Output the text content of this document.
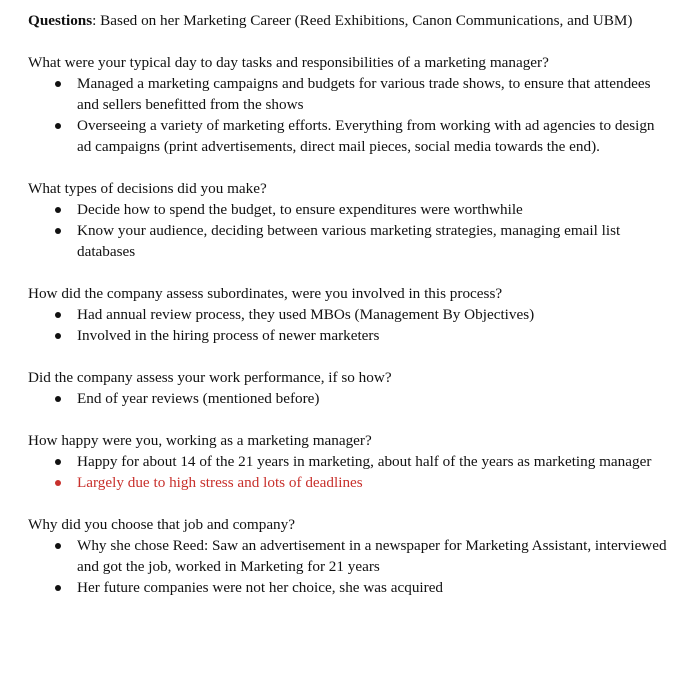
Questions: Based on her Marketing Career (Reed Exhibitions, Canon Communications, and UBM)

What were your typical day to day tasks and responsibilities of a marketing manager?

Managed a marketing campaigns and budgets for various trade shows, to ensure that attendees and sellers benefitted from the shows
Overseeing a variety of marketing efforts. Everything from working with ad agencies to design ad campaigns (print advertisements, direct mail pieces, social media towards the end).

What types of decisions did you make?

Decide how to spend the budget, to ensure expenditures were worthwhile
Know your audience, deciding between various marketing strategies, managing email list databases

How did the company assess subordinates, were you involved in this process?

Had annual review process, they used MBOs (Management By Objectives)
Involved in the hiring process of newer marketers

Did the company assess your work performance, if so how?

End of year reviews (mentioned before)

How happy were you, working as a marketing manager?

Happy for about 14 of the 21 years in marketing, about half of the years as marketing manager
Largely due to high stress and lots of deadlines

Why did you choose that job and company?

Why she chose Reed: Saw an advertisement in a newspaper for Marketing Assistant, interviewed and got the job, worked in Marketing for 21 years
Her future companies were not her choice, she was acquired
